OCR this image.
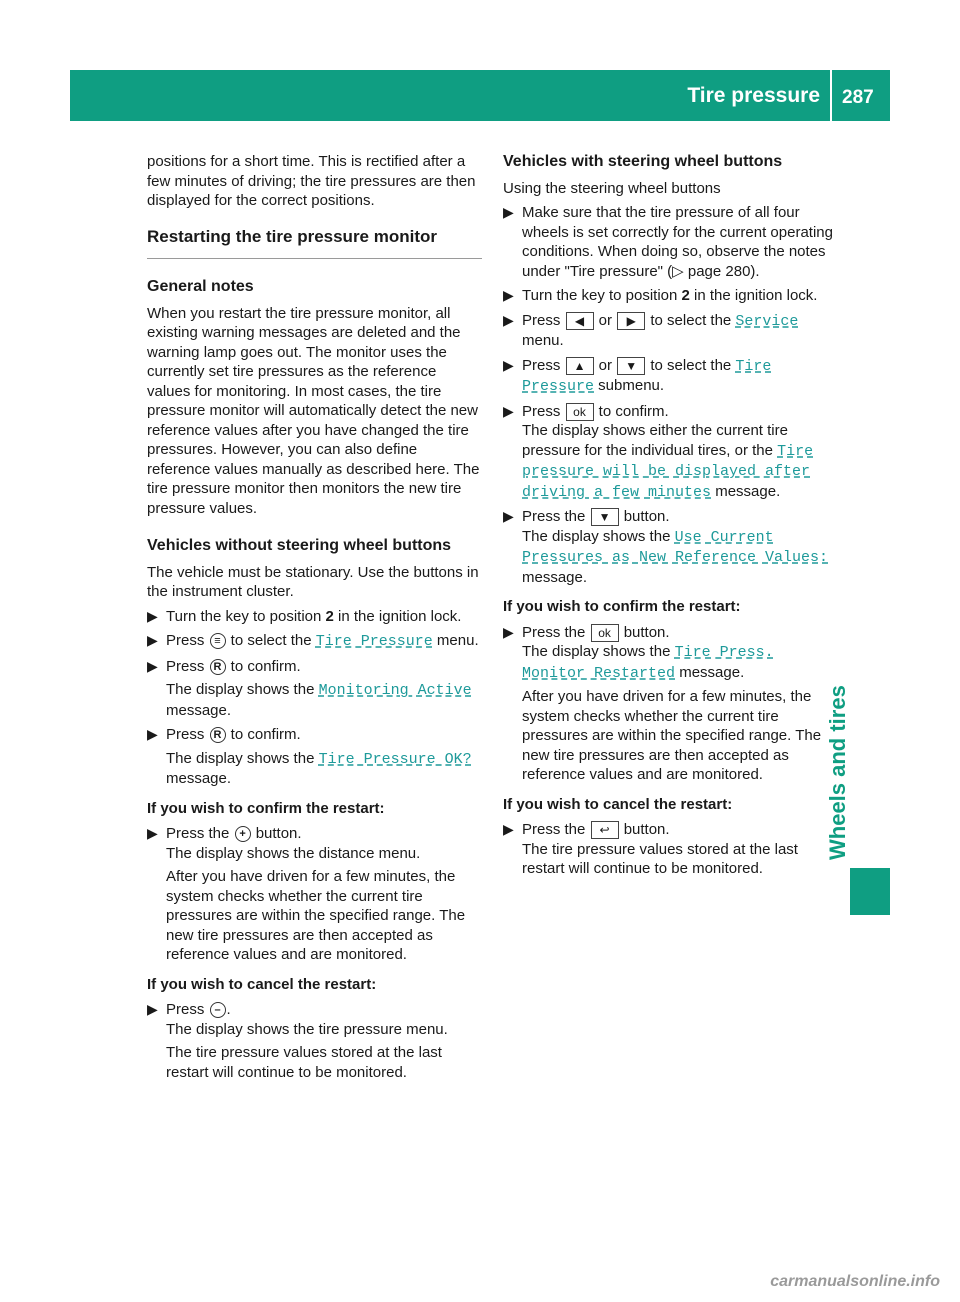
Tire pressure 287
Wheels and tires

positions for a short time. This is rectified after a few minutes of driving; the tire pressures are then displayed for the correct positions.

Restarting the tire pressure monitor
General notes

When you restart the tire pressure monitor, all existing warning messages are deleted and the warning lamp goes out. The monitor uses the currently set tire pressures as the reference values for monitoring. In most cases, the tire pressure monitor will automatically detect the new reference values after you have changed the tire pressures. However, you can also define reference values manually as described here. The tire pressure monitor then monitors the new tire pressure values.

Vehicles without steering wheel buttons

The vehicle must be stationary. Use the buttons in the instrument cluster.

▶ Turn the key to position 2 in the ignition lock.
▶ Press ≡ to select the Tire Pressure menu.
▶ Press R to confirm.
The display shows the Monitoring Active message.
▶ Press R to confirm.
The display shows the Tire Pressure OK? message.
If you wish to confirm the restart:
▶ Press the + button.
The display shows the distance menu.
After you have driven for a few minutes, the system checks whether the current tire pressures are within the specified range. The new tire pressures are then accepted as reference values and are monitored.
If you wish to cancel the restart:
▶ Press – .
The display shows the tire pressure menu.
The tire pressure values stored at the last restart will continue to be monitored.
Vehicles with steering wheel buttons

Using the steering wheel buttons

▶ Make sure that the tire pressure of all four wheels is set correctly for the current operating conditions. When doing so, observe the notes under "Tire pressure" (▷ page 280).
▶ Turn the key to position 2 in the ignition lock.
▶ Press ◀ or ▶ to select the Service menu.
▶ Press ▲ or ▼ to select the Tire Pressure submenu.
▶ Press ok to confirm.
The display shows either the current tire pressure for the individual tires, or the Tire pressure will be displayed after driving a few minutes message.
▶ Press the ▼ button.
The display shows the Use Current Pressures as New Reference Values: message.
If you wish to confirm the restart:
▶ Press the ok button.
The display shows the Tire Press. Monitor Restarted message.
After you have driven for a few minutes, the system checks whether the current tire pressures are within the specified range. The new tire pressures are then accepted as reference values and are monitored.
If you wish to cancel the restart:
▶ Press the ↩ button.
The tire pressure values stored at the last restart will continue to be monitored.
carmanualsonline.info
